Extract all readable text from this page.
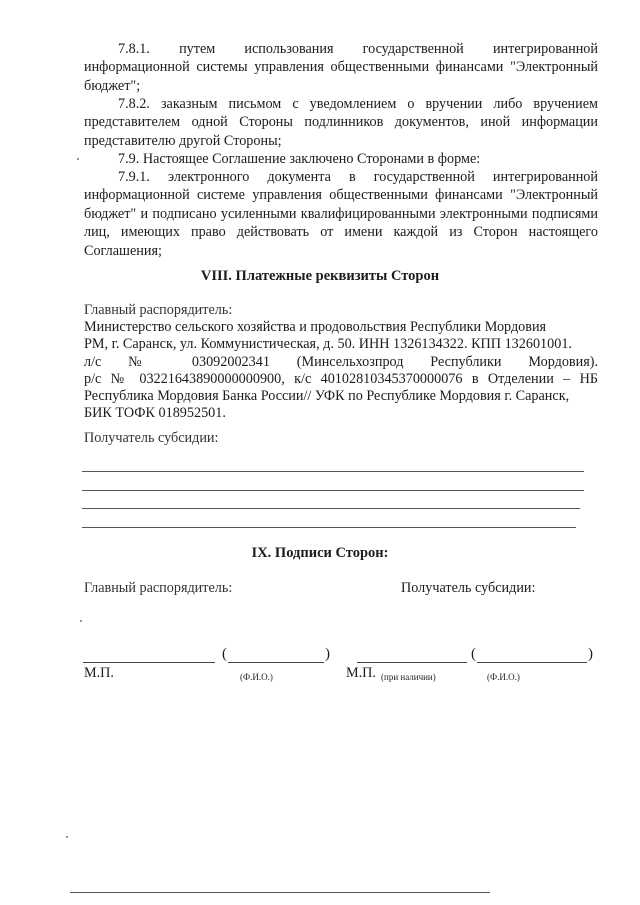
7.8.1. путем использования государственной интегрированной информационной системы управления общественными финансами "Электронный бюджет";
7.8.2. заказным письмом с уведомлением о вручении либо вручением представителем одной Стороны подлинников документов, иной информации представителю другой Стороны;
7.9. Настоящее Соглашение заключено Сторонами в форме:
7.9.1. электронного документа в государственной интегрированной информационной системе управления общественными финансами "Электронный бюджет" и подписано усиленными квалифицированными электронными подписями лиц, имеющих право действовать от имени каждой из Сторон настоящего Соглашения;
VIII. Платежные реквизиты Сторон

Главный распорядитель:

Министерство сельского хозяйства и продовольствия Республики Мордовия

РМ, г. Саранск, ул. Коммунистическая, д. 50. ИНН 1326134322. КПП 132601001.

л/с № 03092002341 (Минсельхозпрод Республики Мордовия).

р/с № 03221643890000000900, к/с 40102810345370000076 в Отделении – НБ Республика Мордовия Банка России// УФК по Республике Мордовия г. Саранск,

БИК ТОФК 018952501.

Получатель субсидии:
IX. Подписи Сторон:
Главный распорядитель:	Получатель субсидии:
(	)
М.П.	(Ф.И.О.)
(	)
М.П. (при наличии)	(Ф.И.О.)
